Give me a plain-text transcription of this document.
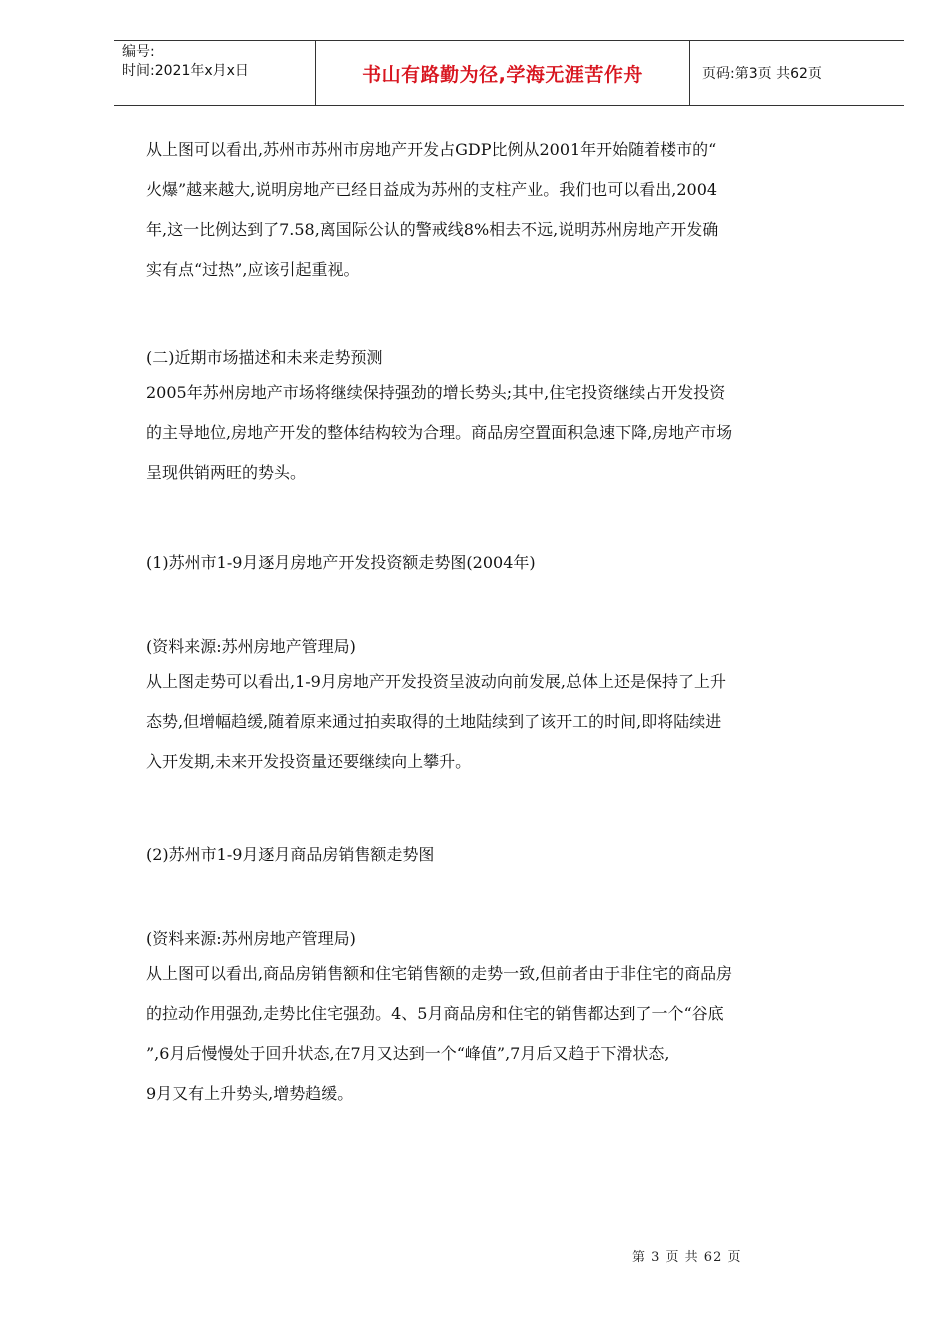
编号:
时间:2021年x月x日	书山有路勤为径,学海无涯苦作舟	页码:第3页 共62页

从上图可以看出,苏州市苏州市房地产开发占GDP比例从2001年开始随着楼市的“

火爆”越来越大,说明房地产已经日益成为苏州的支柱产业。我们也可以看出,2004

年,这一比例达到了7.58,离国际公认的警戒线8%相去不远,说明苏州房地产开发确

实有点“过热”,应该引起重视。

(二)近期市场描述和未来走势预测

2005年苏州房地产市场将继续保持强劲的增长势头;其中,住宅投资继续占开发投资

的主导地位,房地产开发的整体结构较为合理。商品房空置面积急速下降,房地产市场

呈现供销两旺的势头。

(1)苏州市1-9月逐月房地产开发投资额走势图(2004年)

(资料来源:苏州房地产管理局)

从上图走势可以看出,1-9月房地产开发投资呈波动向前发展,总体上还是保持了上升

态势,但增幅趋缓,随着原来通过拍卖取得的土地陆续到了该开工的时间,即将陆续进

入开发期,未来开发投资量还要继续向上攀升。

(2)苏州市1-9月逐月商品房销售额走势图

(资料来源:苏州房地产管理局)

从上图可以看出,商品房销售额和住宅销售额的走势一致,但前者由于非住宅的商品房

的拉动作用强劲,走势比住宅强劲。4、5月商品房和住宅的销售都达到了一个“谷底

”,6月后慢慢处于回升状态,在7月又达到一个“峰值”,7月后又趋于下滑状态,

9月又有上升势头,增势趋缓。

第 3 页 共 62 页
